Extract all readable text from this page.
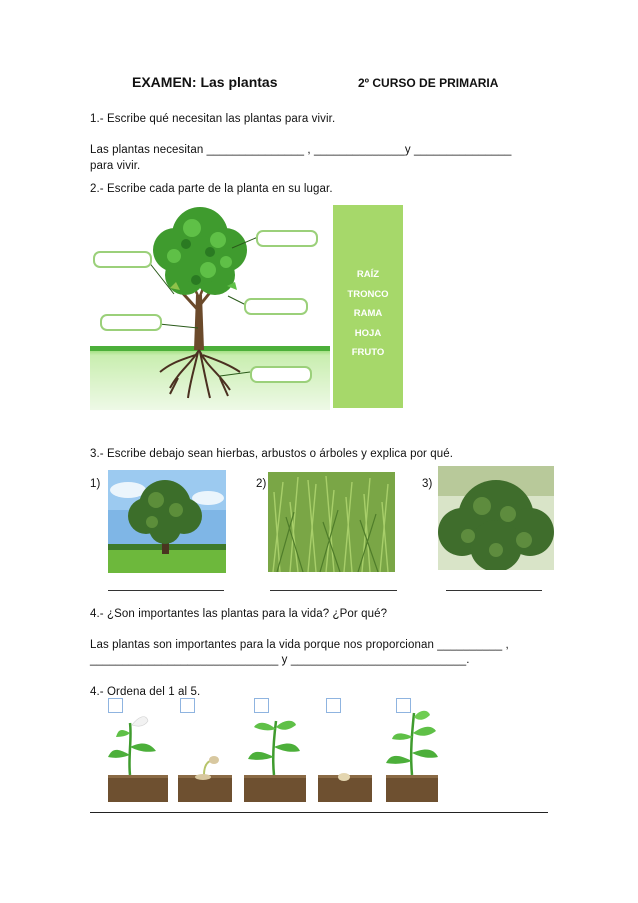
EXAMEN: Las plantas	2º CURSO DE PRIMARIA
1.- Escribe qué necesitan las plantas para vivir.
Las plantas necesitan _______________ , ______________y _______________
para vivir.
2.- Escribe cada parte de la planta en su lugar.
RAÍZ
TRONCO
RAMA
HOJA
FRUTO
3.- Escribe debajo sean hierbas, arbustos o árboles y explica por qué.
1)	2)	3)
4.- ¿Son importantes las plantas para la vida? ¿Por qué?
Las plantas son importantes para la vida porque nos proporcionan __________ ,
_____________________________ y ___________________________.
4.- Ordena del 1 al 5.
